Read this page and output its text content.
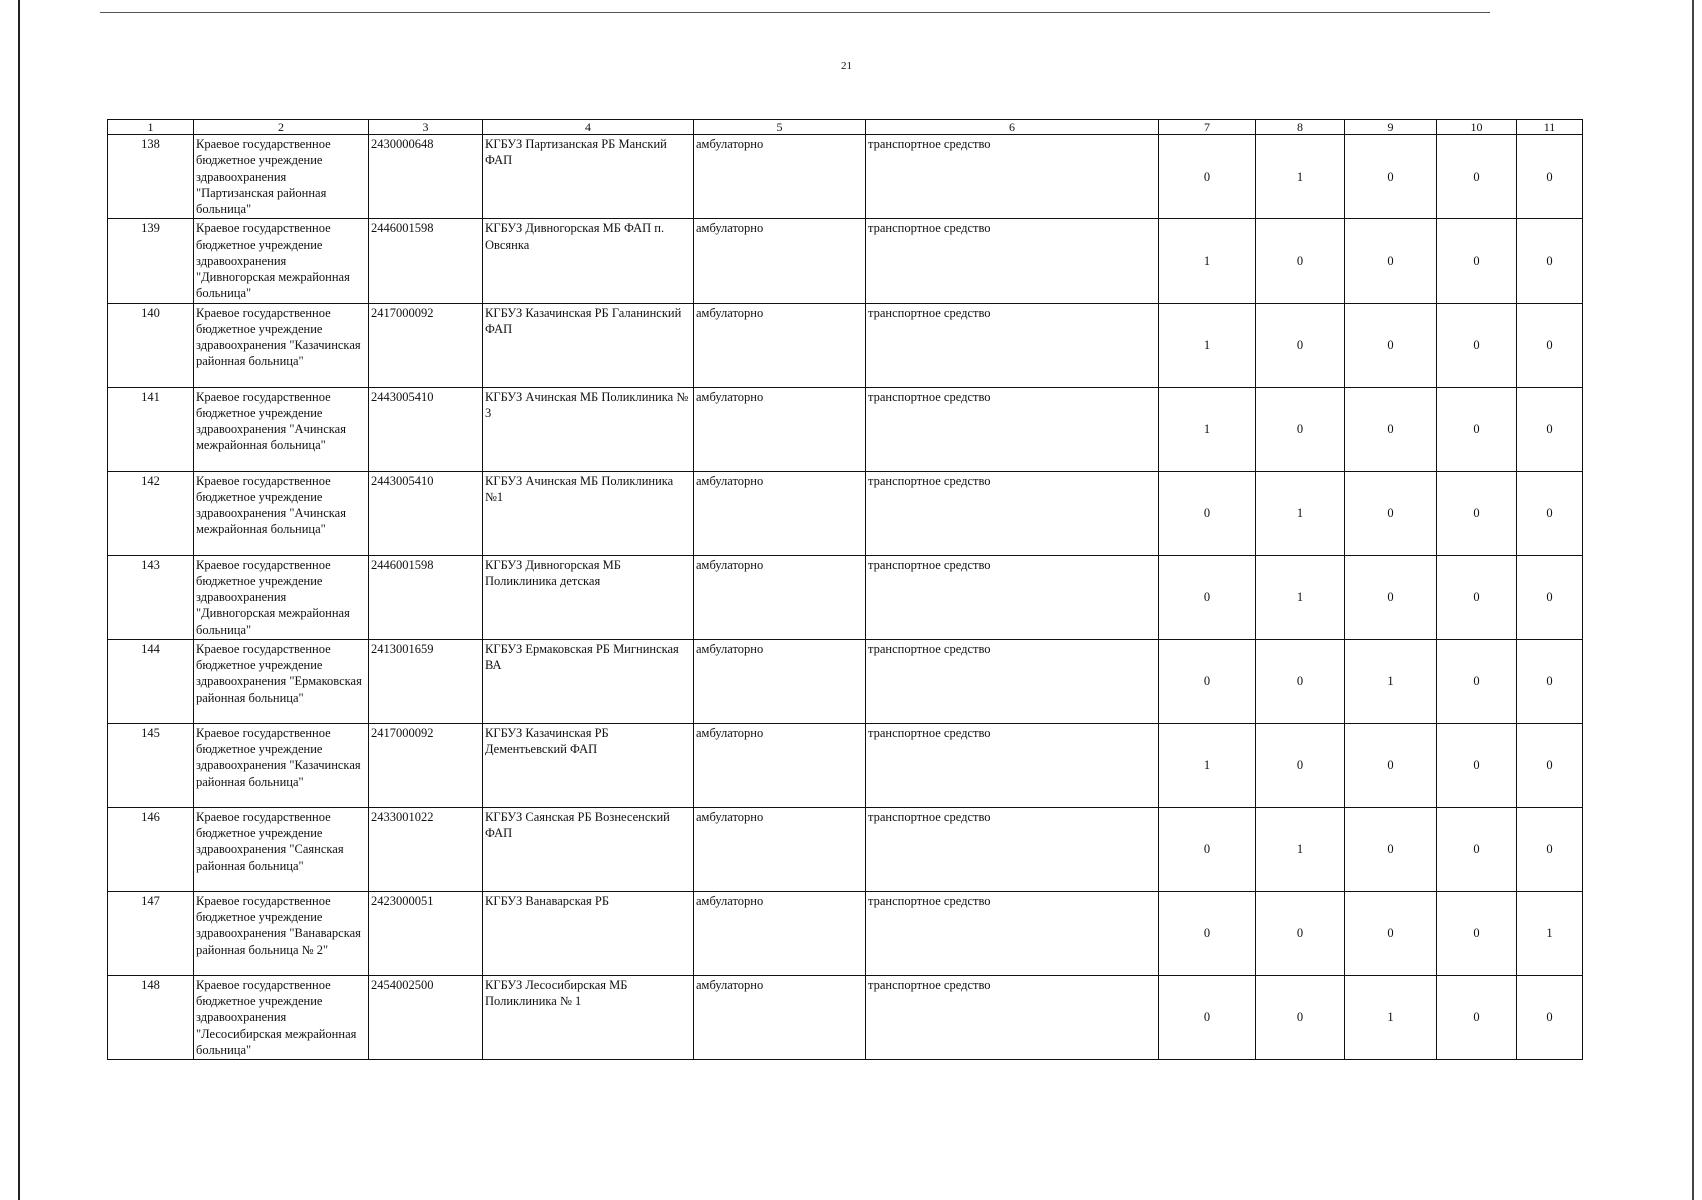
21
1	2	3	4	5	6	7	8	9	10	11
138	Краевое государственное бюджетное учреждение здравоохранения "Партизанская районная больница"	2430000648	КГБУЗ Партизанская РБ Манский ФАП	амбулаторно	транспортное средство	0	1	0	0	0
139	Краевое государственное бюджетное учреждение здравоохранения "Дивногорская межрайонная больница"	2446001598	КГБУЗ Дивногорская МБ ФАП п. Овсянка	амбулаторно	транспортное средство	1	0	0	0	0
140	Краевое государственное бюджетное учреждение здравоохранения "Казачинская районная больница"	2417000092	КГБУЗ Казачинская РБ Галанинский ФАП	амбулаторно	транспортное средство	1	0	0	0	0
141	Краевое государственное бюджетное учреждение здравоохранения "Ачинская межрайонная больница"	2443005410	КГБУЗ Ачинская МБ Поликлиника № 3	амбулаторно	транспортное средство	1	0	0	0	0
142	Краевое государственное бюджетное учреждение здравоохранения "Ачинская межрайонная больница"	2443005410	КГБУЗ Ачинская МБ Поликлиника №1	амбулаторно	транспортное средство	0	1	0	0	0
143	Краевое государственное бюджетное учреждение здравоохранения "Дивногорская межрайонная больница"	2446001598	КГБУЗ Дивногорская МБ Поликлиника детская	амбулаторно	транспортное средство	0	1	0	0	0
144	Краевое государственное бюджетное учреждение здравоохранения "Ермаковская районная больница"	2413001659	КГБУЗ Ермаковская РБ Мигнинская ВА	амбулаторно	транспортное средство	0	0	1	0	0
145	Краевое государственное бюджетное учреждение здравоохранения "Казачинская районная больница"	2417000092	КГБУЗ Казачинская РБ Дементьевский ФАП	амбулаторно	транспортное средство	1	0	0	0	0
146	Краевое государственное бюджетное учреждение здравоохранения "Саянская районная больница"	2433001022	КГБУЗ Саянская РБ Вознесенский ФАП	амбулаторно	транспортное средство	0	1	0	0	0
147	Краевое государственное бюджетное учреждение здравоохранения "Ванаварская районная больница № 2"	2423000051	КГБУЗ Ванаварская РБ	амбулаторно	транспортное средство	0	0	0	0	1
148	Краевое государственное бюджетное учреждение здравоохранения "Лесосибирская межрайонная больница"	2454002500	КГБУЗ Лесосибирская МБ Поликлиника № 1	амбулаторно	транспортное средство	0	0	1	0	0
